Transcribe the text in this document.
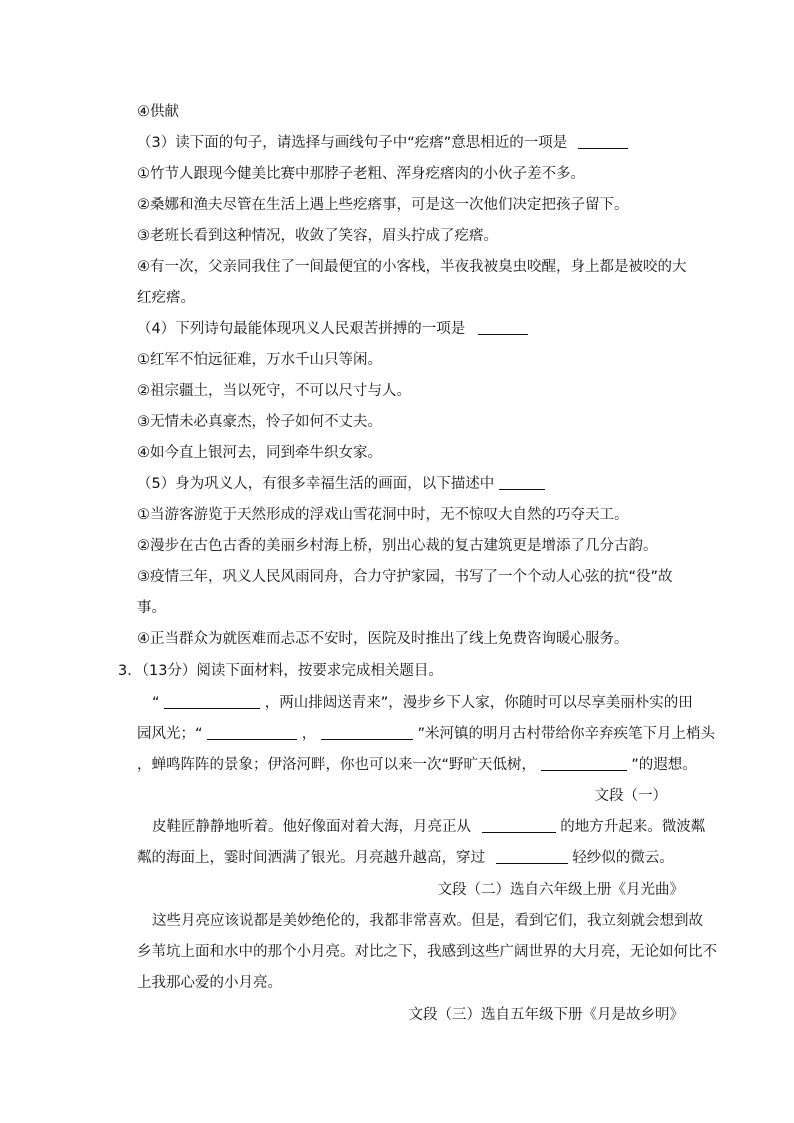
④供献
（3）读下面的句子，请选择与画线句子中“疙瘩”意思相近的一项是
①竹节人跟现今健美比赛中那脖子老粗、浑身疙瘩肉的小伙子差不多。
②桑娜和渔夫尽管在生活上遇上些疙瘩事，可是这一次他们决定把孩子留下。
③老班长看到这种情况，收敛了笑容，眉头拧成了疙瘩。
④有一次，父亲同我住了一间最便宜的小客栈，半夜我被臭虫咬醒，身上都是被咬的大
红疙瘩。
（4）下列诗句最能体现巩义人民艰苦拼搏的一项是
①红军不怕远征难，万水千山只等闲。
②祖宗疆土，当以死守，不可以尺寸与人。
③无情未必真豪杰，怜子如何不丈夫。
④如今直上银河去，同到牵牛织女家。
（5）身为巩义人，有很多幸福生活的画面，以下描述中
①当游客游览于天然形成的浮戏山雪花洞中时，无不惊叹大自然的巧夺天工。
②漫步在古色古香的美丽乡村海上桥，别出心裁的复古建筑更是增添了几分古韵。
③疫情三年，巩义人民风雨同舟，合力守护家园，书写了一个个动人心弦的抗“役”故
事。
④正当群众为就医难而忐忑不安时，医院及时推出了线上免费咨询暖心服务。
3．（13分）阅读下面材料，按要求完成相关题目。
“	，两山排闼送青来”，漫步乡下人家，你随时可以尽享美丽朴实的田
园风光；“	，	”米河镇的明月古村带给你辛弃疾笔下月上梢头
，蝉鸣阵阵的景象；伊洛河畔，你也可以来一次“野旷天低树，	”的遐想。
文段（一）
皮鞋匠静静地听着。他好像面对着大海，月亮正从	的地方升起来。微波粼
粼的海面上，霎时间洒满了银光。月亮越升越高，穿过	轻纱似的微云。
文段（二）选自六年级上册《月光曲》
这些月亮应该说都是美妙绝伦的，我都非常喜欢。但是，看到它们，我立刻就会想到故
乡苇坑上面和水中的那个小月亮。对比之下，我感到这些广阔世界的大月亮，无论如何比不
上我那心爱的小月亮。
文段（三）选自五年级下册《月是故乡明》
